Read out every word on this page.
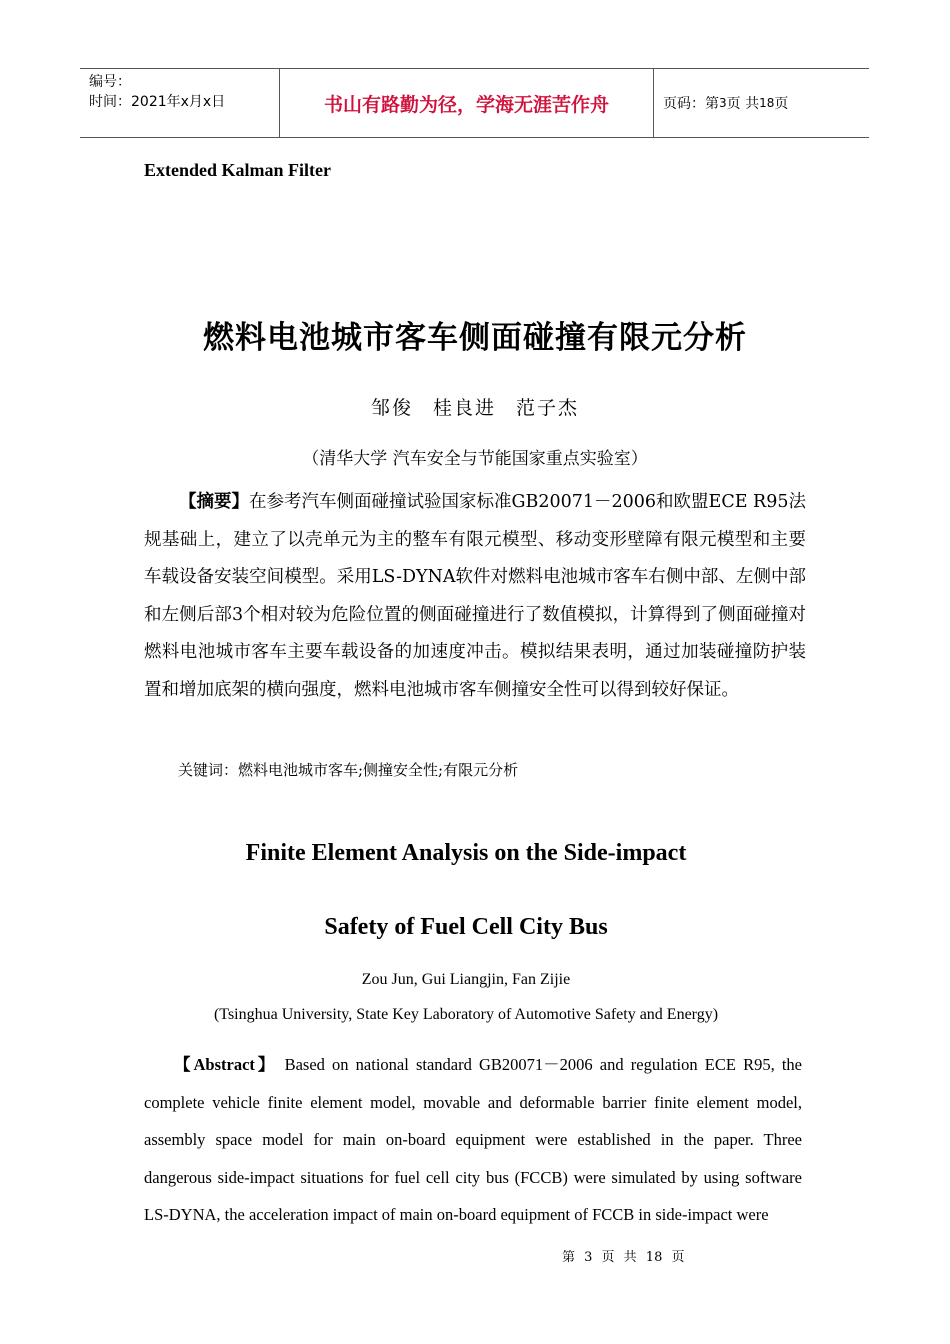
编号：
时间：2021年x月x日	书山有路勤为径，学海无涯苦作舟	页码：第 3 页 共 18 页
Extended Kalman Filter
燃料电池城市客车侧面碰撞有限元分析
邹俊 桂良进 范子杰
（清华大学 汽车安全与节能国家重点实验室）
【摘要】在参考汽车侧面碰撞试验国家标准GB20071－2006和欧盟ECE R95法规基础上，建立了以壳单元为主的整车有限元模型、移动变形壁障有限元模型和主要车载设备安装空间模型。采用LS-DYNA软件对燃料电池城市客车右侧中部、左侧中部和左侧后部3个相对较为危险位置的侧面碰撞进行了数值模拟，计算得到了侧面碰撞对燃料电池城市客车主要车载设备的加速度冲击。模拟结果表明，通过加装碰撞防护装置和增加底架的横向强度，燃料电池城市客车侧撞安全性可以得到较好保证。
关键词：燃料电池城市客车;侧撞安全性;有限元分析
Finite Element Analysis on the Side-impact
Safety of Fuel Cell City Bus
Zou Jun, Gui Liangjin, Fan Zijie
(Tsinghua University, State Key Laboratory of Automotive Safety and Energy)
【Abstract】 Based on national standard GB20071－2006 and regulation ECE R95, the complete vehicle finite element model, movable and deformable barrier finite element model, assembly space model for main on-board equipment were established in the paper. Three dangerous side-impact situations for fuel cell city bus (FCCB) were simulated by using software LS-DYNA, the acceleration impact of main on-board equipment of FCCB in side-impact were
第 3 页 共 18 页
